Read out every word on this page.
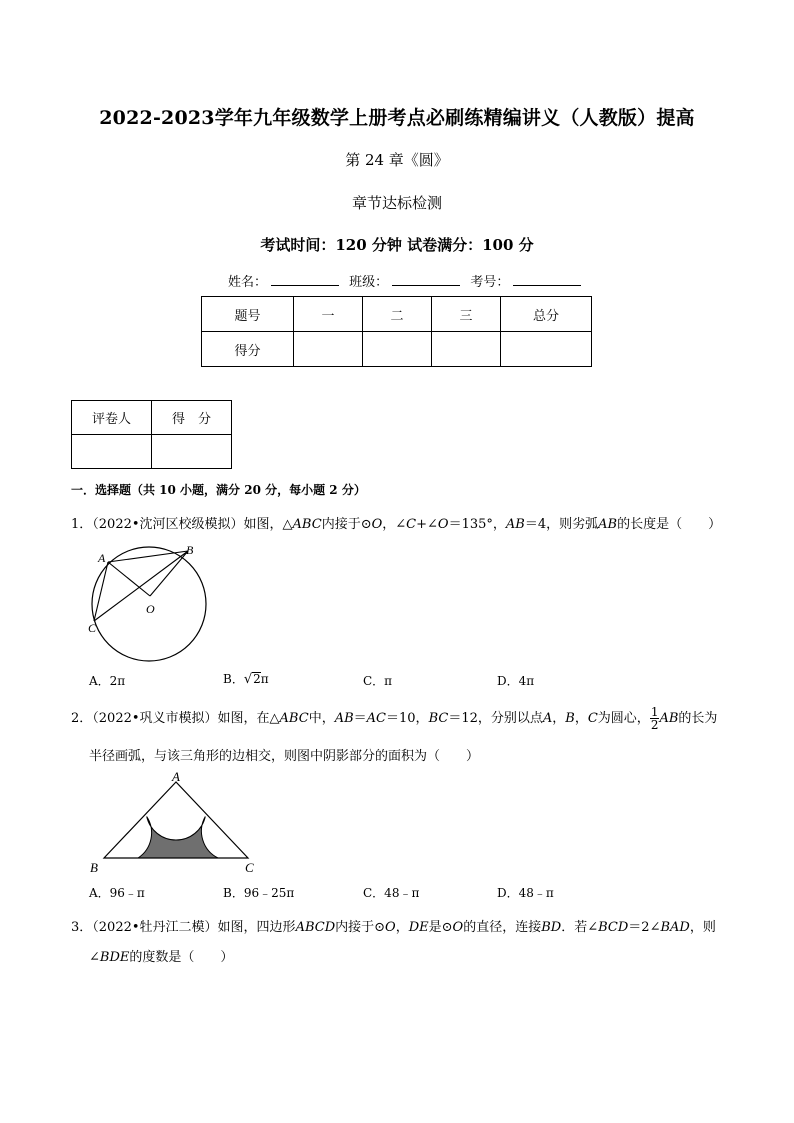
2022-2023学年九年级数学上册考点必刷练精编讲义（人教版）提高
第 24 章《圆》
章节达标检测
考试时间：120 分钟 试卷满分：100 分
姓名：	班级：	考号：
题号	一	二	三	总分
得分				
评卷人	得　分

一．选择题（共 10 小题，满分 20 分，每小题 2 分）
1．（2022•沈河区校级模拟）如图，△ABC内接于⊙O，∠C+∠O＝135°，AB＝4，则劣弧AB的长度是（　　）
A
B
O
C
A．2π	B．√2π	C．π	D．4π
2．（2022•巩义市模拟）如图，在△ABC中，AB＝AC＝10，BC＝12，分别以点A，B，C为圆心， $\frac{1}{2}$ AB的长为
半径画弧，与该三角形的边相交，则图中阴影部分的面积为（　　）
A
B	C
A．96﹣π	B．96﹣25π	C．48﹣π	D．48﹣π
3．（2022•牡丹江二模）如图，四边形ABCD内接于⊙O，DE是⊙O的直径，连接BD．若∠BCD＝2∠BAD，则
∠BDE的度数是（　　）
